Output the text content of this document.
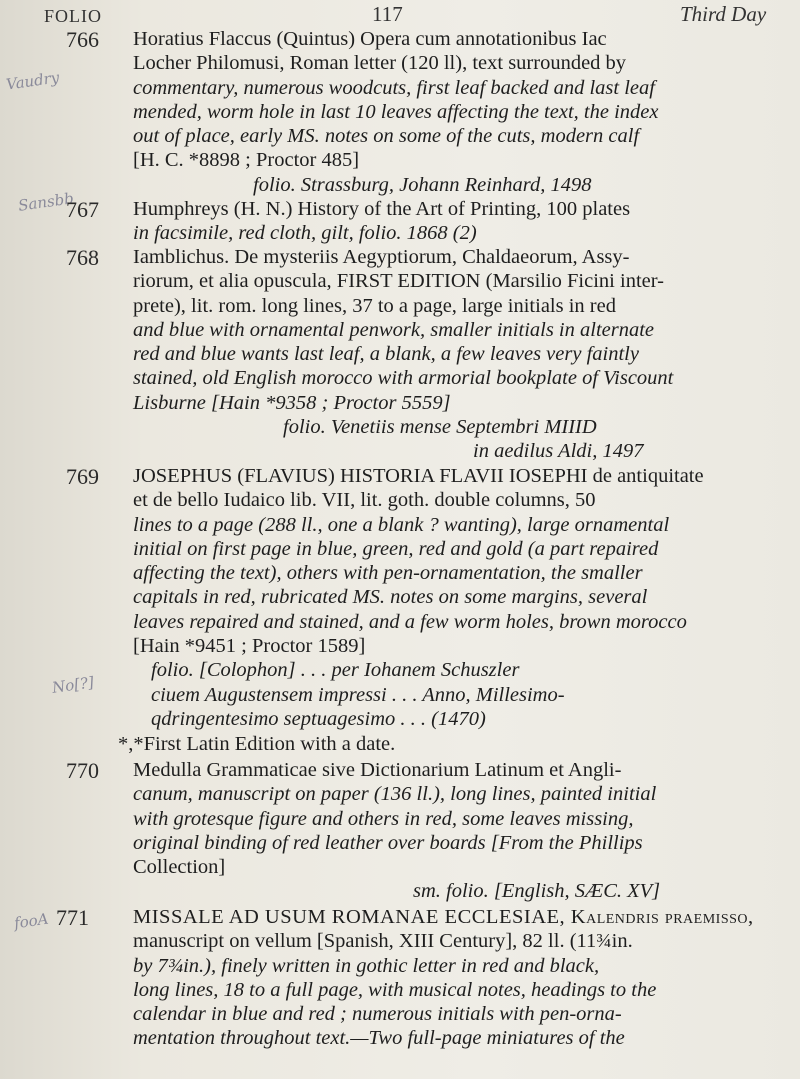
FOLIO	117	Third Day
Vaudry
Sansbb
No[?]
fooA
766 Horatius Flaccus (Quintus) Opera cum annotationibus Iac
Locher Philomusi, Roman letter (120 ll), text surrounded by
commentary, numerous woodcuts, first leaf backed and last leaf
mended, worm hole in last 10 leaves affecting the text, the index
out of place, early MS. notes on some of the cuts, modern calf
[H. C. *8898 ; Proctor 485]
folio. Strassburg, Johann Reinhard, 1498
767 Humphreys (H. N.) History of the Art of Printing, 100 plates
in facsimile, red cloth, gilt, folio. 1868 (2)
768 Iamblichus. De mysteriis Aegyptiorum, Chaldaeorum, Assy-
riorum, et alia opuscula, FIRST EDITION (Marsilio Ficini inter-
prete), lit. rom. long lines, 37 to a page, large initials in red
and blue with ornamental penwork, smaller initials in alternate
red and blue wants last leaf, a blank, a few leaves very faintly
stained, old English morocco with armorial bookplate of Viscount
Lisburne [Hain *9358 ; Proctor 5559]
folio. Venetiis mense Septembri MIIID
in aedilus Aldi, 1497
769 JOSEPHUS (FLAVIUS) HISTORIA FLAVII IOSEPHI de antiquitate
et de bello Iudaico lib. VII, lit. goth. double columns, 50
lines to a page (288 ll., one a blank ? wanting), large ornamental
initial on first page in blue, green, red and gold (a part repaired
affecting the text), others with pen-ornamentation, the smaller
capitals in red, rubricated MS. notes on some margins, several
leaves repaired and stained, and a few worm holes, brown morocco
[Hain *9451 ; Proctor 1589]
folio. [Colophon] . . . per Iohanem Schuszler
ciuem Augustensem impressi . . . Anno, Millesimo-
qdringentesimo septuagesimo . . . (1470)
*,*First Latin Edition with a date.
770 Medulla Grammaticae sive Dictionarium Latinum et Angli-
canum, manuscript on paper (136 ll.), long lines, painted initial
with grotesque figure and others in red, some leaves missing,
original binding of red leather over boards [From the Phillips
Collection]
sm. folio. [English, SÆC. XV]
771 MISSALE AD USUM ROMANAE ECCLESIAE, Kalendris praemisso,
manuscript on vellum [Spanish, XIII Century], 82 ll. (11¾in.
by 7¾in.), finely written in gothic letter in red and black,
long lines, 18 to a full page, with musical notes, headings to the
calendar in blue and red ; numerous initials with pen-orna-
mentation throughout text.—Two full-page miniatures of the
